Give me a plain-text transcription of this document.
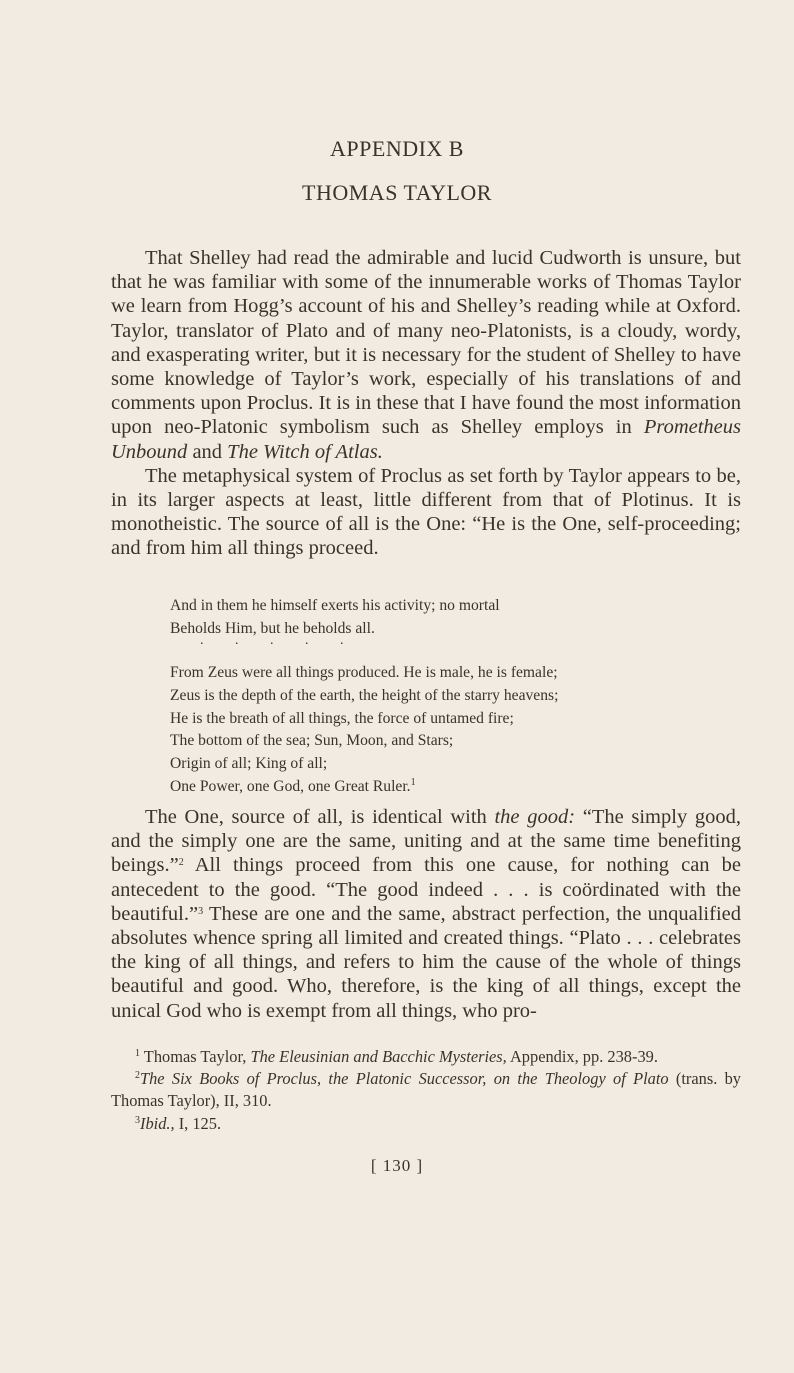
APPENDIX B
THOMAS TAYLOR

That Shelley had read the admirable and lucid Cudworth is unsure, but that he was familiar with some of the innumerable works of Thomas Taylor we learn from Hogg’s account of his and Shelley’s reading while at Oxford. Taylor, translator of Plato and of many neo-Platonists, is a cloudy, wordy, and exasperating writer, but it is necessary for the student of Shelley to have some knowledge of Taylor’s work, especially of his translations of and comments upon Proclus. It is in these that I have found the most information upon neo-Platonic symbolism such as Shelley employs in Prometheus Unbound and The Witch of Atlas.

The metaphysical system of Proclus as set forth by Taylor appears to be, in its larger aspects at least, little different from that of Plotinus. It is monotheistic. The source of all is the One: “He is the One, self-proceeding; and from him all things proceed.

And in them he himself exerts his activity; no mortal
Beholds Him, but he beholds all.
. . . . .
From Zeus were all things produced. He is male, he is female;
Zeus is the depth of the earth, the height of the starry heavens;
He is the breath of all things, the force of untamed fire;
The bottom of the sea; Sun, Moon, and Stars;
Origin of all; King of all;
One Power, one God, one Great Ruler.$^1$

The One, source of all, is identical with the good: “The simply good, and the simply one are the same, uniting and at the same time benefiting beings.”$^2$ All things proceed from this one cause, for nothing can be antecedent to the good. “The good indeed . . . is coördinated with the beautiful.”$^3$ These are one and the same, abstract perfection, the unqualified absolutes whence spring all limited and created things. “Plato . . . celebrates the king of all things, and refers to him the cause of the whole of things beautiful and good. Who, therefore, is the king of all things, except the unical God who is exempt from all things, who pro-

$^1$ Thomas Taylor, The Eleusinian and Bacchic Mysteries, Appendix, pp. 238-39.

$^2$The Six Books of Proclus, the Platonic Successor, on the Theology of Plato (trans. by Thomas Taylor), II, 310.

$^3$Ibid., I, 125.

[ 130 ]
